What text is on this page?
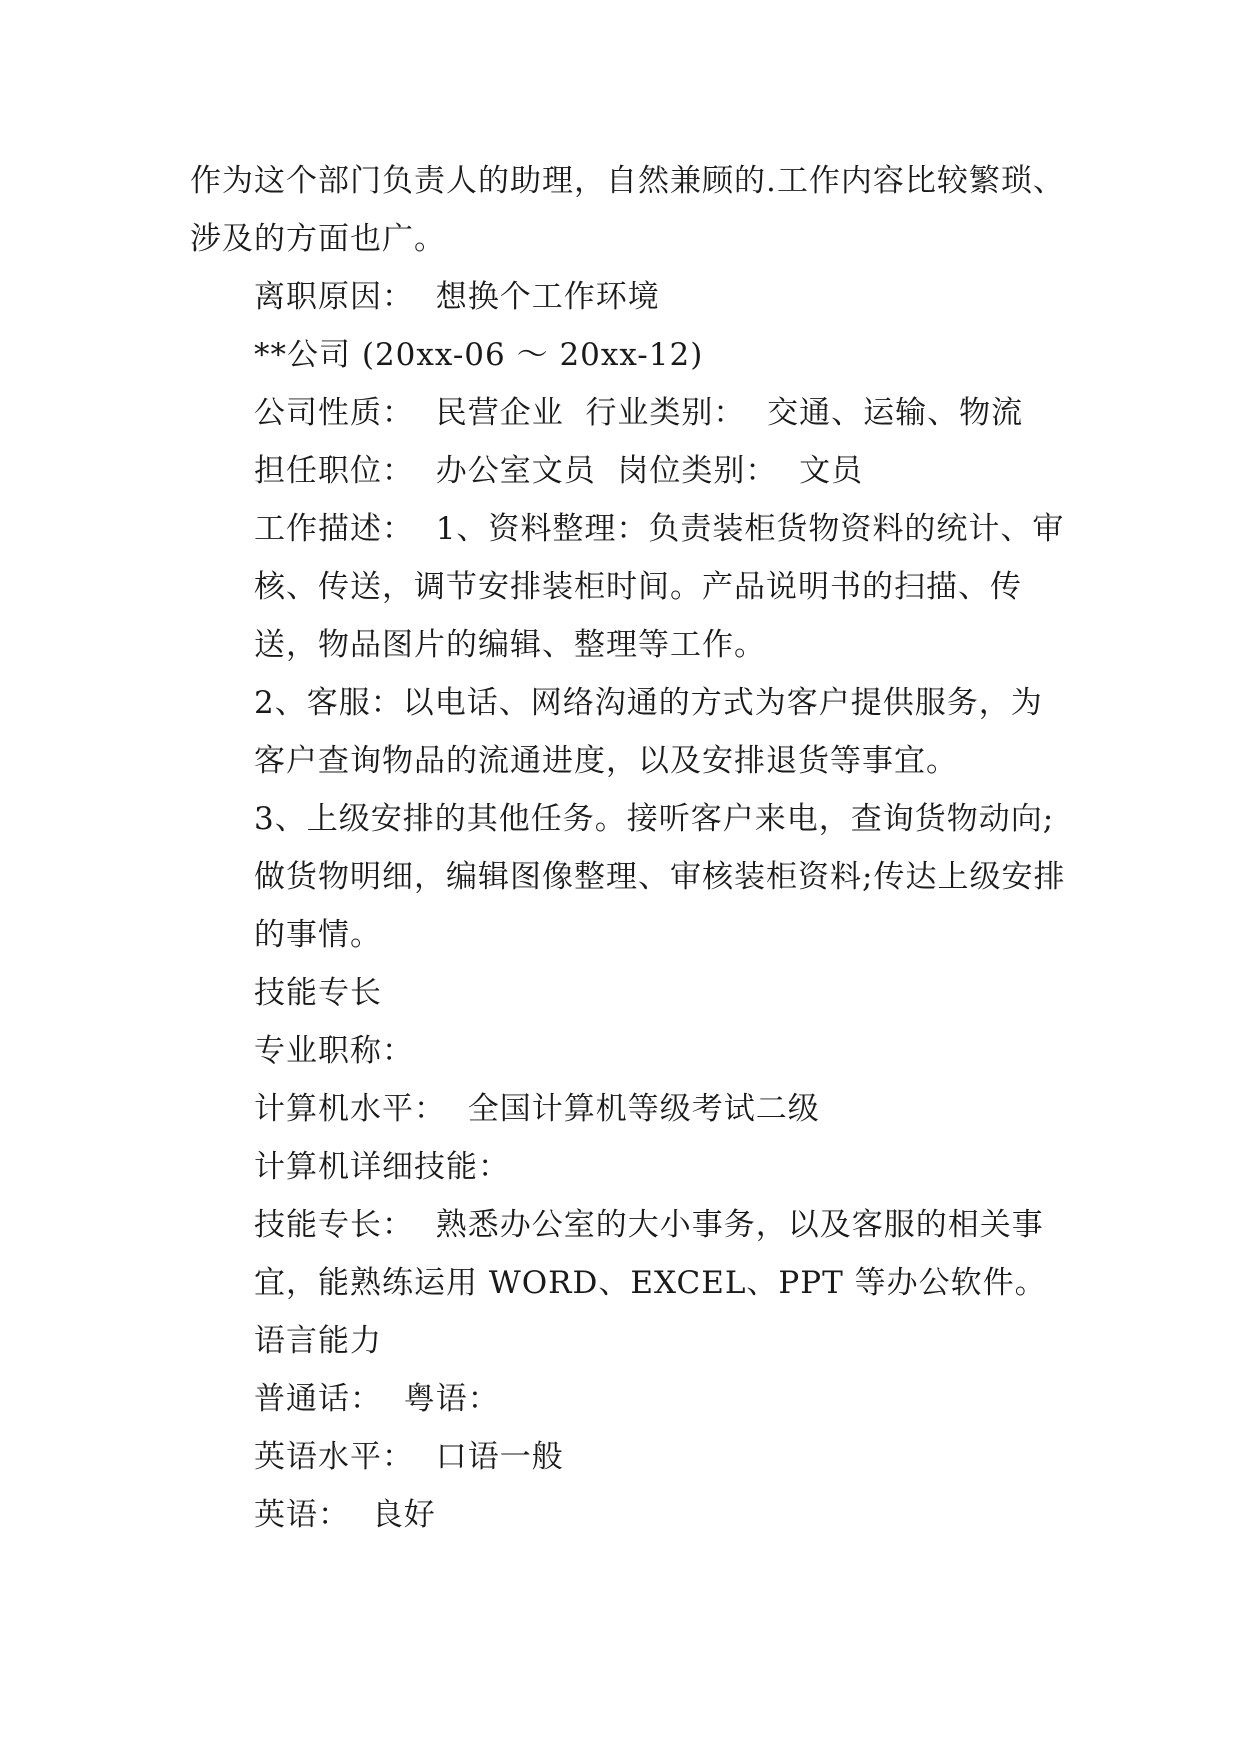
作为这个部门负责人的助理，自然兼顾的.工作内容比较繁琐、涉及的方面也广。

离职原因：  想换个工作环境

**公司 (20xx-06 ～ 20xx-12)

公司性质：  民营企业  行业类别：  交通、运输、物流

担任职位：  办公室文员  岗位类别：  文员

工作描述：  1、资料整理：负责装柜货物资料的统计、审核、传送，调节安排装柜时间。产品说明书的扫描、传送，物品图片的编辑、整理等工作。

2、客服：以电话、网络沟通的方式为客户提供服务，为客户查询物品的流通进度，以及安排退货等事宜。

3、上级安排的其他任务。接听客户来电，查询货物动向;做货物明细，编辑图像整理、审核装柜资料;传达上级安排的事情。

技能专长

专业职称：

计算机水平：  全国计算机等级考试二级

计算机详细技能：

技能专长：  熟悉办公室的大小事务，以及客服的相关事宜，能熟练运用 WORD、EXCEL、PPT 等办公软件。

语言能力

普通话：  粤语：

英语水平：  口语一般

英语：  良好
